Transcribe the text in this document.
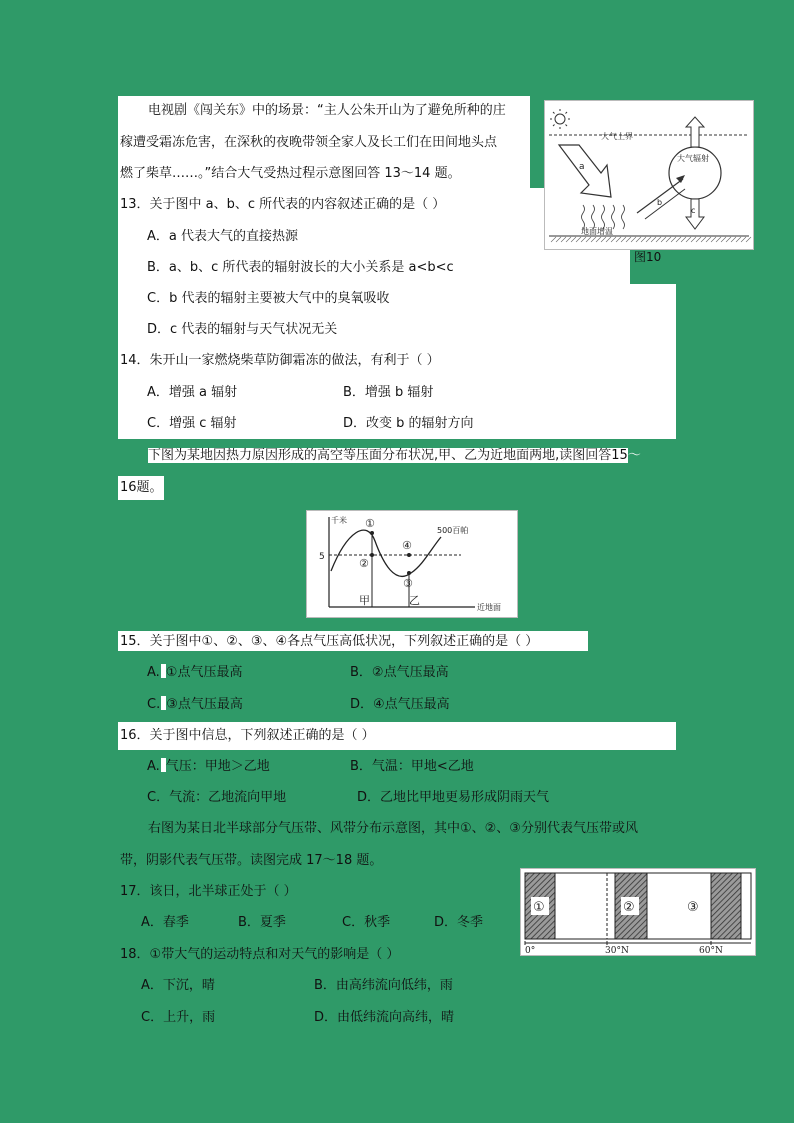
电视剧《闯关东》中的场景：“主人公朱开山为了避免所种的庄
稼遭受霜冻危害，在深秋的夜晚带领全家人及长工们在田间地头点
燃了柴草……。”结合大气受热过程示意图回答 13～14 题。
大气上界
a
地面增温
大气辐射
c
b
图10
13．关于图中 a、b、c 所代表的内容叙述正确的是（ ）
A．a 代表大气的直接热源
B．a、b、c 所代表的辐射波长的大小关系是 a<b<c
C．b 代表的辐射主要被大气中的臭氧吸收
D．c 代表的辐射与天气状况无关
14．朱开山一家燃烧柴草防御霜冻的做法，有利于（ ）
A．增强 a 辐射	B．增强 b 辐射
C．增强 c 辐射	D．改变 b 的辐射方向
下图为某地因热力原因形成的高空等压面分布状况,甲、乙为近地面两地,读图回答15～
16题。
千米
5
500百帕
①
②
③
④
甲	乙
近地面
15．关于图中①、②、③、④各点气压高低状况，下列叙述正确的是（ ）
A. ①点气压最高	B．②点气压最高
C. ③点气压最高	D．④点气压最高
16．关于图中信息，下列叙述正确的是（ ）
A. 气压：甲地＞乙地	B．气温：甲地<乙地
C．气流：乙地流向甲地	D．乙地比甲地更易形成阴雨天气
右图为某日北半球部分气压带、风带分布示意图，其中①、②、③分别代表气压带或风
带，阴影代表气压带。读图完成 17～18 题。
①	②	③
0°	30°N	60°N
17．该日，北半球正处于（ ）
A．春季	B．夏季	C．秋季	D．冬季
18．①带大气的运动特点和对天气的影响是（ ）
A．下沉，晴	B．由高纬流向低纬，雨
C．上升，雨	D．由低纬流向高纬，晴
